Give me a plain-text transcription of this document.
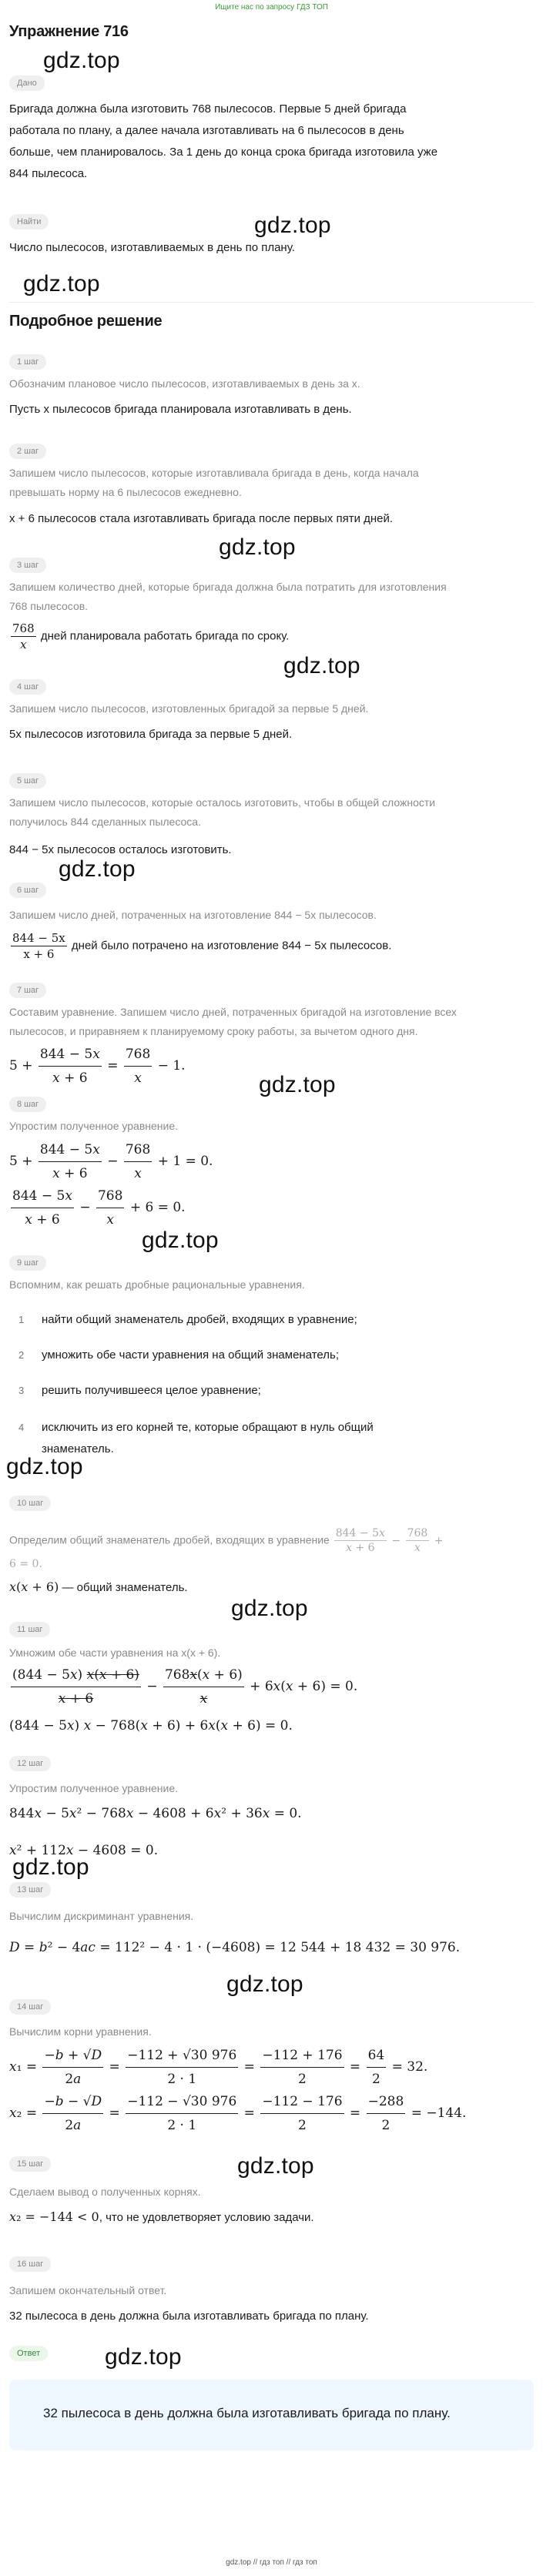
Ищите нас по запросу ГДЗ ТОП
Упражнение 716
gdz.top
Дано
Бригада должна была изготовить 768 пылесосов. Первые 5 дней бригада
работала по плану, а далее начала изготавливать на 6 пылесосов в день
больше, чем планировалось. За 1 день до конца срока бригада изготовила уже
844 пылесоса.
gdz.top
Найти
Число пылесосов, изготавливаемых в день по плану.
gdz.top
Подробное решение
1 шаг
Обозначим плановое число пылесосов, изготавливаемых в день за x.
Пусть x пылесосов бригада планировала изготавливать в день.
2 шаг
Запишем число пылесосов, которые изготавливала бригада в день, когда начала
превышать норму на 6 пылесосов ежедневно.
x + 6 пылесосов стала изготавливать бригада после первых пяти дней.
gdz.top
3 шаг
Запишем количество дней, которые бригада должна была потратить для изготовления
768 пылесосов.
$\frac{768}{x}$ дней планировала работать бригада по сроку.
gdz.top
4 шаг
Запишем число пылесосов, изготовленных бригадой за первые 5 дней.
5x пылесосов изготовила бригада за первые 5 дней.
5 шаг
Запишем число пылесосов, которые осталось изготовить, чтобы в общей сложности
получилось 844 сделанных пылесоса.
844 − 5x пылесосов осталось изготовить.
gdz.top
6 шаг
Запишем число дней, потраченных на изготовление 844 − 5x пылесосов.
$\frac{844 - 5x}{x + 6}$ дней было потрачено на изготовление 844 − 5x пылесосов.
7 шаг
Составим уравнение. Запишем число дней, потраченных бригадой на изготовление всех
пылесосов, и приравняем к планируемому сроку работы, за вычетом одного дня.
$5 + \frac{844 - 5x}{x + 6} = \frac{768}{x} - 1$.
gdz.top
8 шаг
Упростим полученное уравнение.
$5 + \frac{844 - 5x}{x + 6} - \frac{768}{x} + 1 = 0$.
$\frac{844 - 5x}{x + 6} - \frac{768}{x} + 6 = 0$.
gdz.top
9 шаг
Вспомним, как решать дробные рациональные уравнения.
1 найти общий знаменатель дробей, входящих в уравнение;
2 умножить обе части уравнения на общий знаменатель;
3 решить получившееся целое уравнение;
4 исключить из его корней те, которые обращают в нуль общий
знаменатель.
gdz.top
10 шаг
Определим общий знаменатель дробей, входящих в уравнение $\frac{844 - 5x}{x + 6} - \frac{768}{x}$ +
6 = 0.
x(x + 6) — общий знаменатель.
gdz.top
11 шаг
Умножим обе части уравнения на x(x + 6).
$\frac{(844 - 5x) x(x + 6)}{x + 6} - \frac{768x(x + 6)}{x} + 6x(x + 6) = 0$.
(844 − 5x) x − 768(x + 6) + 6x(x + 6) = 0.
12 шаг
Упростим полученное уравнение.
844x − 5x² − 768x − 4608 + 6x² + 36x = 0.
x² + 112x − 4608 = 0.
gdz.top
13 шаг
Вычислим дискриминант уравнения.
D = b² − 4ac = 112² − 4 · 1 · (−4608) = 12 544 + 18 432 = 30 976.
gdz.top
14 шаг
Вычислим корни уравнения.
$x_1 = \frac{-b + √D}{2a} = \frac{-112 + √30 976}{2 \cdot 1} = \frac{-112 + 176}{2} = \frac{64}{2} = 32$.
$x_2 = \frac{-b - √D}{2a} = \frac{-112 - √30 976}{2 \cdot 1} = \frac{-112 - 176}{2} = \frac{-288}{2} = -144$.
gdz.top
15 шаг
Сделаем вывод о полученных корнях.
x₂ = −144 < 0, что не удовлетворяет условию задачи.
16 шаг
Запишем окончательный ответ.
32 пылесоса в день должна была изготавливать бригада по плану.
Ответ	gdz.top
32 пылесоса в день должна была изготавливать бригада по плану.
gdz.top // гдз топ // гдз топ
